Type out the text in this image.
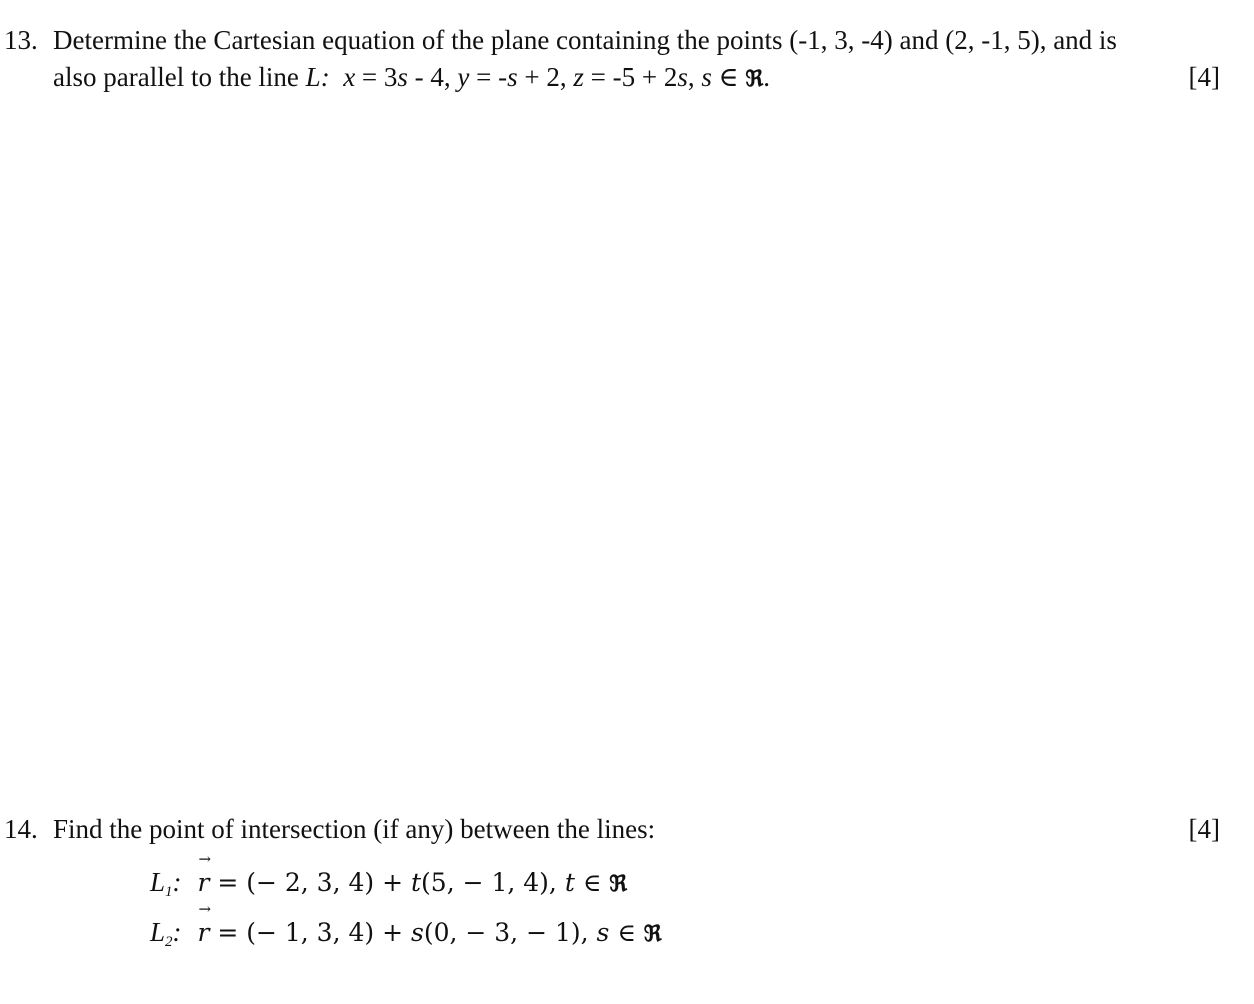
13. Determine the Cartesian equation of the plane containing the points (-1, 3, -4) and (2, -1, 5), and is
also parallel to the line L: x = 3s - 4, y = -s + 2, z = -5 + 2s, s ∈ ℜ.	[4]
14. Find the point of intersection (if any) between the lines:	[4]
$L_1$: → r = (− 2, 3, 4) + t(5, − 1, 4), t ∈ ℜ
$L_2$: → r = (− 1, 3, 4) + s(0, − 3, − 1), s ∈ ℜ
